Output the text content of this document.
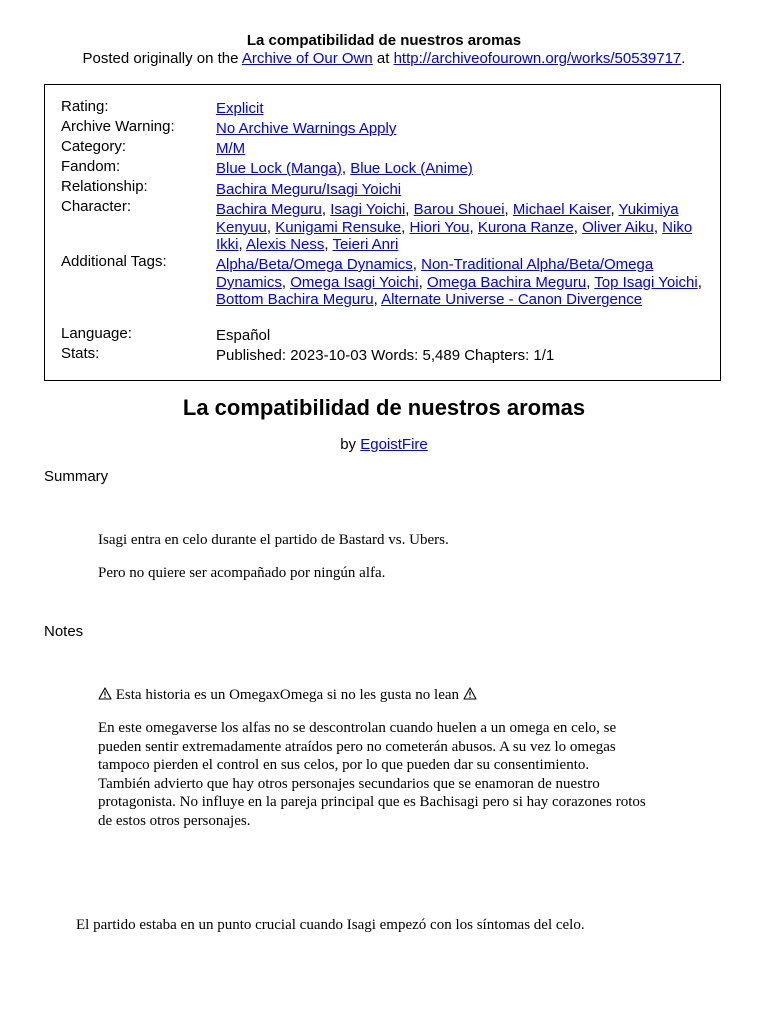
La compatibilidad de nuestros aromas
Posted originally on the Archive of Our Own at http://archiveofourown.org/works/50539717.
Rating:	Explicit
Archive Warning:	No Archive Warnings Apply
Category:	M/M
Fandom:	Blue Lock (Manga), Blue Lock (Anime)
Relationship:	Bachira Meguru/Isagi Yoichi
Character:	Bachira Meguru, Isagi Yoichi, Barou Shouei, Michael Kaiser, Yukimiya Kenyuu, Kunigami Rensuke, Hiori You, Kurona Ranze, Oliver Aiku, Niko Ikki, Alexis Ness, Teieri Anri
Additional Tags:	Alpha/Beta/Omega Dynamics, Non-Traditional Alpha/Beta/Omega Dynamics, Omega Isagi Yoichi, Omega Bachira Meguru, Top Isagi Yoichi, Bottom Bachira Meguru, Alternate Universe - Canon Divergence
Language:	Español
Stats:	Published: 2023-10-03 Words: 5,489 Chapters: 1/1
La compatibilidad de nuestros aromas
by EgoistFire
Summary
Isagi entra en celo durante el partido de Bastard vs. Ubers.
Pero no quiere ser acompañado por ningún alfa.
Notes
Esta historia es un OmegaxOmega si no les gusta no lean
En este omegaverse los alfas no se descontrolan cuando huelen a un omega en celo, se
pueden sentir extremadamente atraídos pero no cometerán abusos. A su vez lo omegas
tampoco pierden el control en sus celos, por lo que pueden dar su consentimiento.
También advierto que hay otros personajes secundarios que se enamoran de nuestro
protagonista. No influye en la pareja principal que es Bachisagi pero si hay corazones rotos
de estos otros personajes.
El partido estaba en un punto crucial cuando Isagi empezó con los síntomas del celo.
